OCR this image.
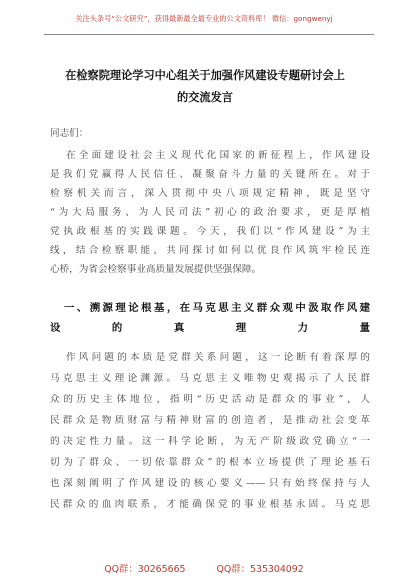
关注头条号“公文研究”，获得最新最全最专业的公文资料库！ 微信：gongwenyj
在检察院理论学习中心组关于加强作风建设专题研讨会上
的交流发言
同志们：
在全面建设社会主义现代化国家的新征程上，作风建设
是我们党赢得人民信任、凝聚奋斗力量的关键所在。对于
检察机关而言，深入贯彻中央八项规定精神，既是坚守
“为大局服务、为人民司法”初心的政治要求，更是厚植
党执政根基的实践课题。今天，我们以“作风建设”为主
线，结合检察职能，共同探讨如何以优良作风筑牢检民连
心桥，为省会检察事业高质量发展提供坚强保障。
一、溯源理论根基，在马克思主义群众观中汲取作风建
设的真理力量
作风问题的本质是党群关系问题，这一论断有着深厚的
马克思主义理论渊源。马克思主义唯物史观揭示了人民群
众的历史主体地位，指明“历史活动是群众的事业”，人
民群众是物质财富与精神财富的创造者，是推动社会变革
的决定性力量。这一科学论断，为无产阶级政党确立“一
切为了群众、一切依靠群众”的根本立场提供了理论基石
也深刻阐明了作风建设的核心要义——只有始终保持与人
民群众的血肉联系，才能确保党的事业根基永固。马克思
QQ群：30265665	QQ群：535304092
